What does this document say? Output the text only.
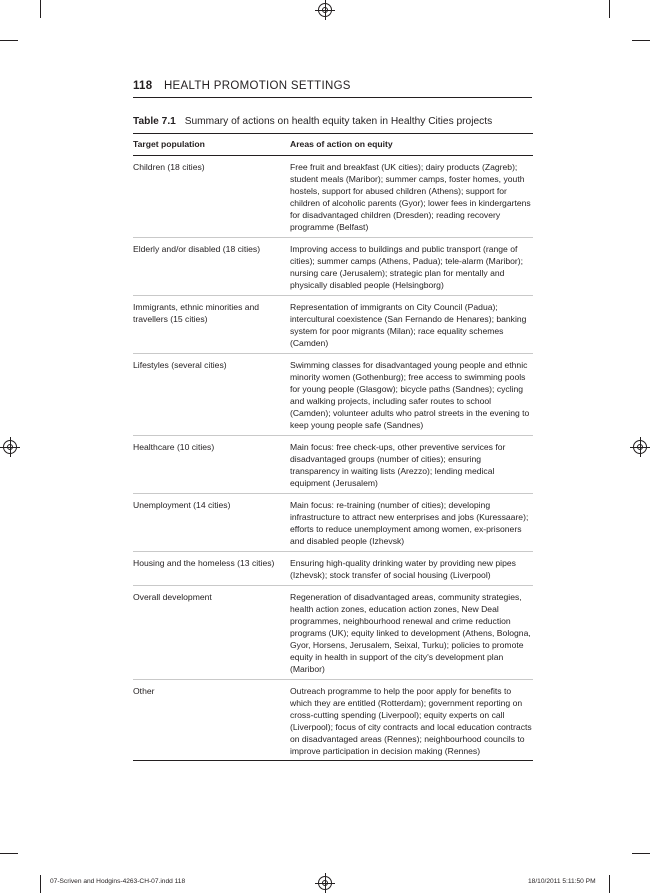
118 HEALTH PROMOTION SETTINGS
Table 7.1 Summary of actions on health equity taken in Healthy Cities projects
Target population	Areas of action on equity
Children (18 cities)	Free fruit and breakfast (UK cities); dairy products (Zagreb); student meals (Maribor); summer camps, foster homes, youth hostels, support for abused children (Athens); support for children of alcoholic parents (Gyor); lower fees in kindergartens for disadvantaged children (Dresden); reading recovery programme (Belfast)
Elderly and/or disabled (18 cities)	Improving access to buildings and public transport (range of cities); summer camps (Athens, Padua); tele-alarm (Maribor); nursing care (Jerusalem); strategic plan for mentally and physically disabled people (Helsingborg)
Immigrants, ethnic minorities and travellers (15 cities)	Representation of immigrants on City Council (Padua); intercultural coexistence (San Fernando de Henares); banking system for poor migrants (Milan); race equality schemes (Camden)
Lifestyles (several cities)	Swimming classes for disadvantaged young people and ethnic minority women (Gothenburg); free access to swimming pools for young people (Glasgow); bicycle paths (Sandnes); cycling and walking projects, including safer routes to school (Camden); volunteer adults who patrol streets in the evening to keep young people safe (Sandnes)
Healthcare (10 cities)	Main focus: free check-ups, other preventive services for disadvantaged groups (number of cities); ensuring transparency in waiting lists (Arezzo); lending medical equipment (Jerusalem)
Unemployment (14 cities)	Main focus: re-training (number of cities); developing infrastructure to attract new enterprises and jobs (Kuressaare); efforts to reduce unemployment among women, ex-prisoners and disabled people (Izhevsk)
Housing and the homeless (13 cities)	Ensuring high-quality drinking water by providing new pipes (Izhevsk); stock transfer of social housing (Liverpool)
Overall development	Regeneration of disadvantaged areas, community strategies, health action zones, education action zones, New Deal programmes, neighbourhood renewal and crime reduction programs (UK); equity linked to development (Athens, Bologna, Gyor, Horsens, Jerusalem, Seixal, Turku); policies to promote equity in health in support of the city's development plan (Maribor)
Other	Outreach programme to help the poor apply for benefits to which they are entitled (Rotterdam); government reporting on cross-cutting spending (Liverpool); equity experts on call (Liverpool); focus of city contracts and local education contracts on disadvantaged areas (Rennes); neighbourhood councils to improve participation in decision making (Rennes)
07-Scriven and Hodgins-4263-CH-07.indd 118	18/10/2011 5:11:50 PM
